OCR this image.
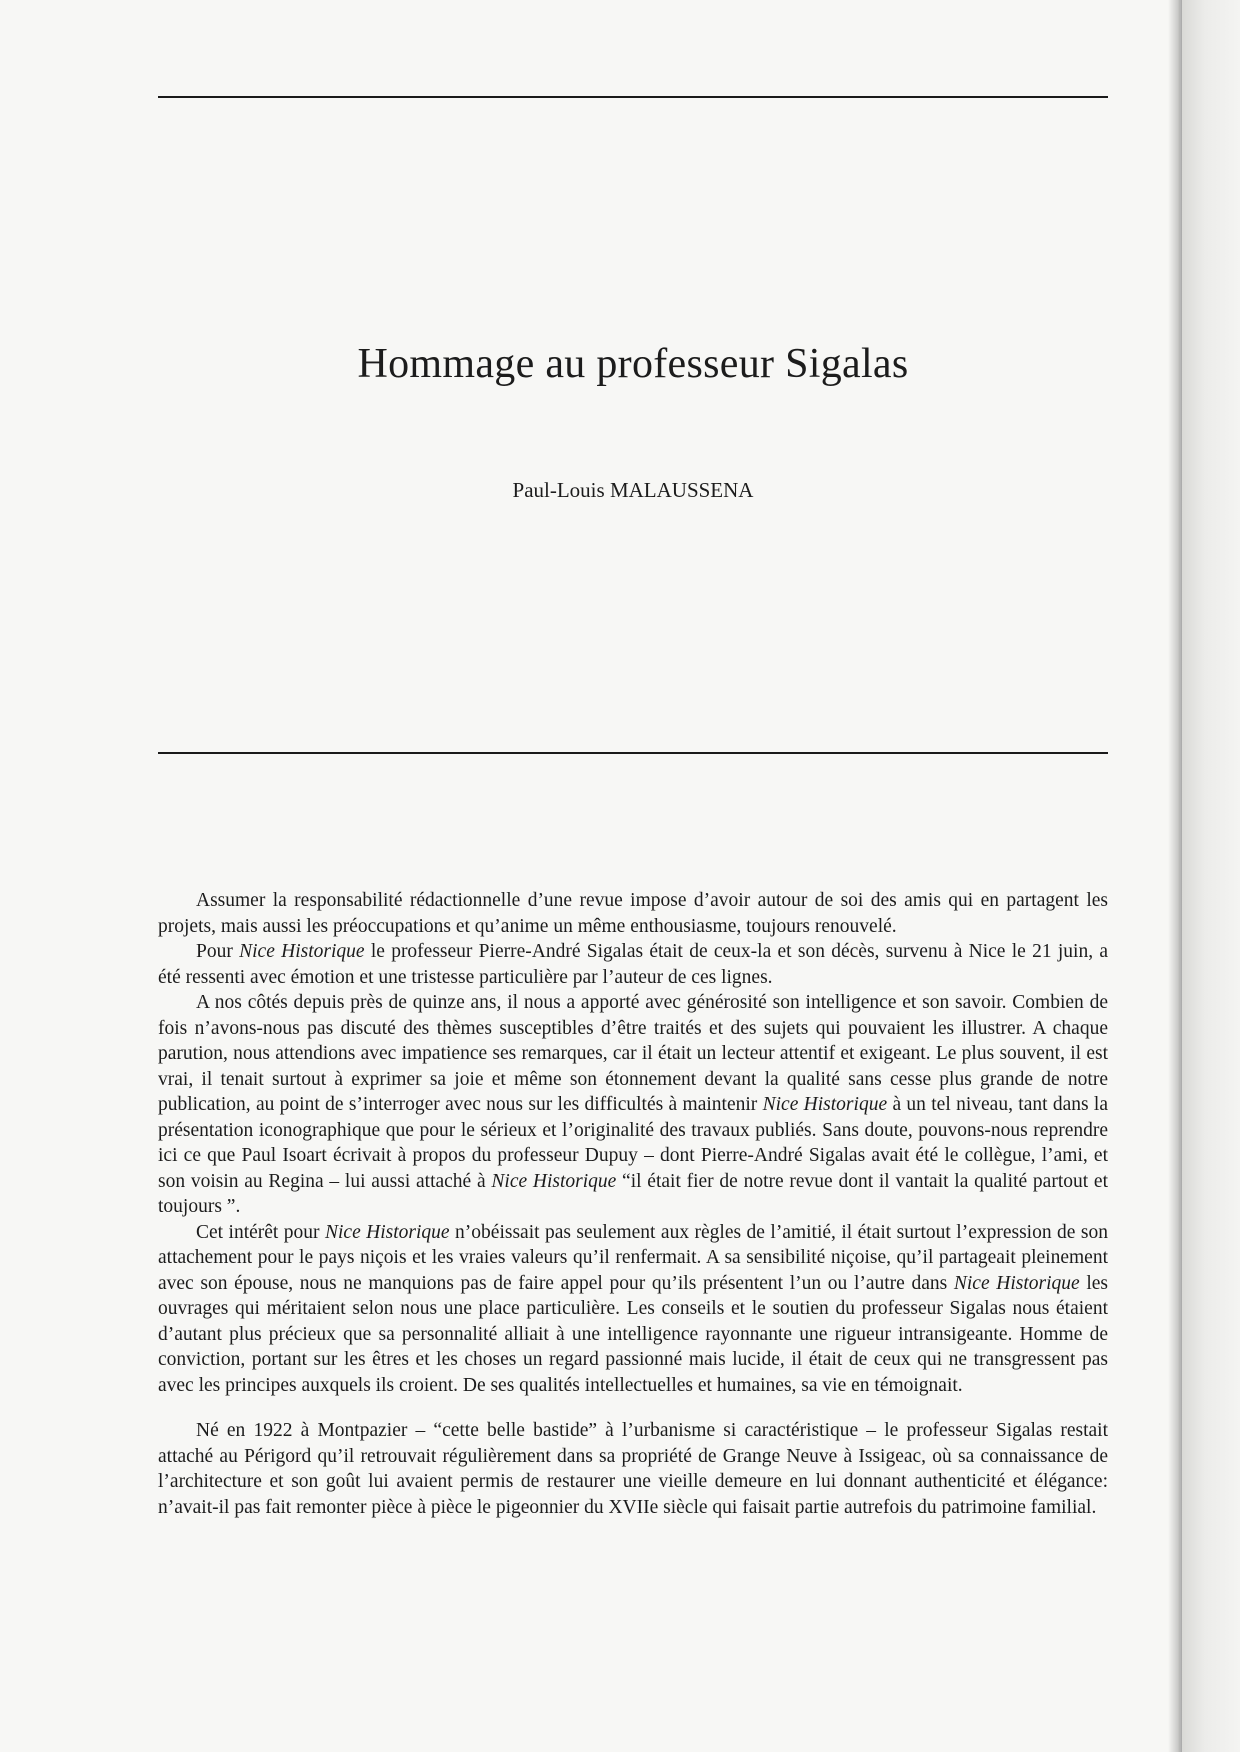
Hommage au professeur Sigalas

Paul-Louis MALAUSSENA

Assumer la responsabilité rédactionnelle d’une revue impose d’avoir autour de soi des amis qui en partagent les projets, mais aussi les préoccupations et qu’anime un même enthousiasme, toujours renouvelé.

Pour Nice Historique le professeur Pierre-André Sigalas était de ceux-la et son décès, survenu à Nice le 21 juin, a été ressenti avec émotion et une tristesse particulière par l’auteur de ces lignes.

A nos côtés depuis près de quinze ans, il nous a apporté avec générosité son intelligence et son savoir. Combien de fois n’avons-nous pas discuté des thèmes susceptibles d’être traités et des sujets qui pouvaient les illustrer. A chaque parution, nous attendions avec impatience ses remarques, car il était un lecteur attentif et exigeant. Le plus souvent, il est vrai, il tenait surtout à exprimer sa joie et même son étonnement devant la qualité sans cesse plus grande de notre publication, au point de s’interroger avec nous sur les difficultés à maintenir Nice Historique à un tel niveau, tant dans la présentation iconographique que pour le sérieux et l’originalité des travaux publiés. Sans doute, pouvons-nous reprendre ici ce que Paul Isoart écrivait à propos du professeur Dupuy – dont Pierre-André Sigalas avait été le collègue, l’ami, et son voisin au Regina – lui aussi attaché à Nice Historique “il était fier de notre revue dont il vantait la qualité partout et toujours ”.

Cet intérêt pour Nice Historique n’obéissait pas seulement aux règles de l’amitié, il était surtout l’expression de son attachement pour le pays niçois et les vraies valeurs qu’il renfermait. A sa sensibilité niçoise, qu’il partageait pleinement avec son épouse, nous ne manquions pas de faire appel pour qu’ils présentent l’un ou l’autre dans Nice Historique les ouvrages qui méritaient selon nous une place particulière. Les conseils et le soutien du professeur Sigalas nous étaient d’autant plus précieux que sa personnalité alliait à une intelligence rayonnante une rigueur intransigeante. Homme de conviction, portant sur les êtres et les choses un regard passionné mais lucide, il était de ceux qui ne transgressent pas avec les principes auxquels ils croient. De ses qualités intellectuelles et humaines, sa vie en témoignait.

Né en 1922 à Montpazier – “cette belle bastide” à l’urbanisme si caractéristique – le professeur Sigalas restait attaché au Périgord qu’il retrouvait régulièrement dans sa propriété de Grange Neuve à Issigeac, où sa connaissance de l’architecture et son goût lui avaient permis de restaurer une vieille demeure en lui donnant authenticité et élégance: n’avait-il pas fait remonter pièce à pièce le pigeonnier du XVIIe siècle qui faisait partie autrefois du patrimoine familial.
